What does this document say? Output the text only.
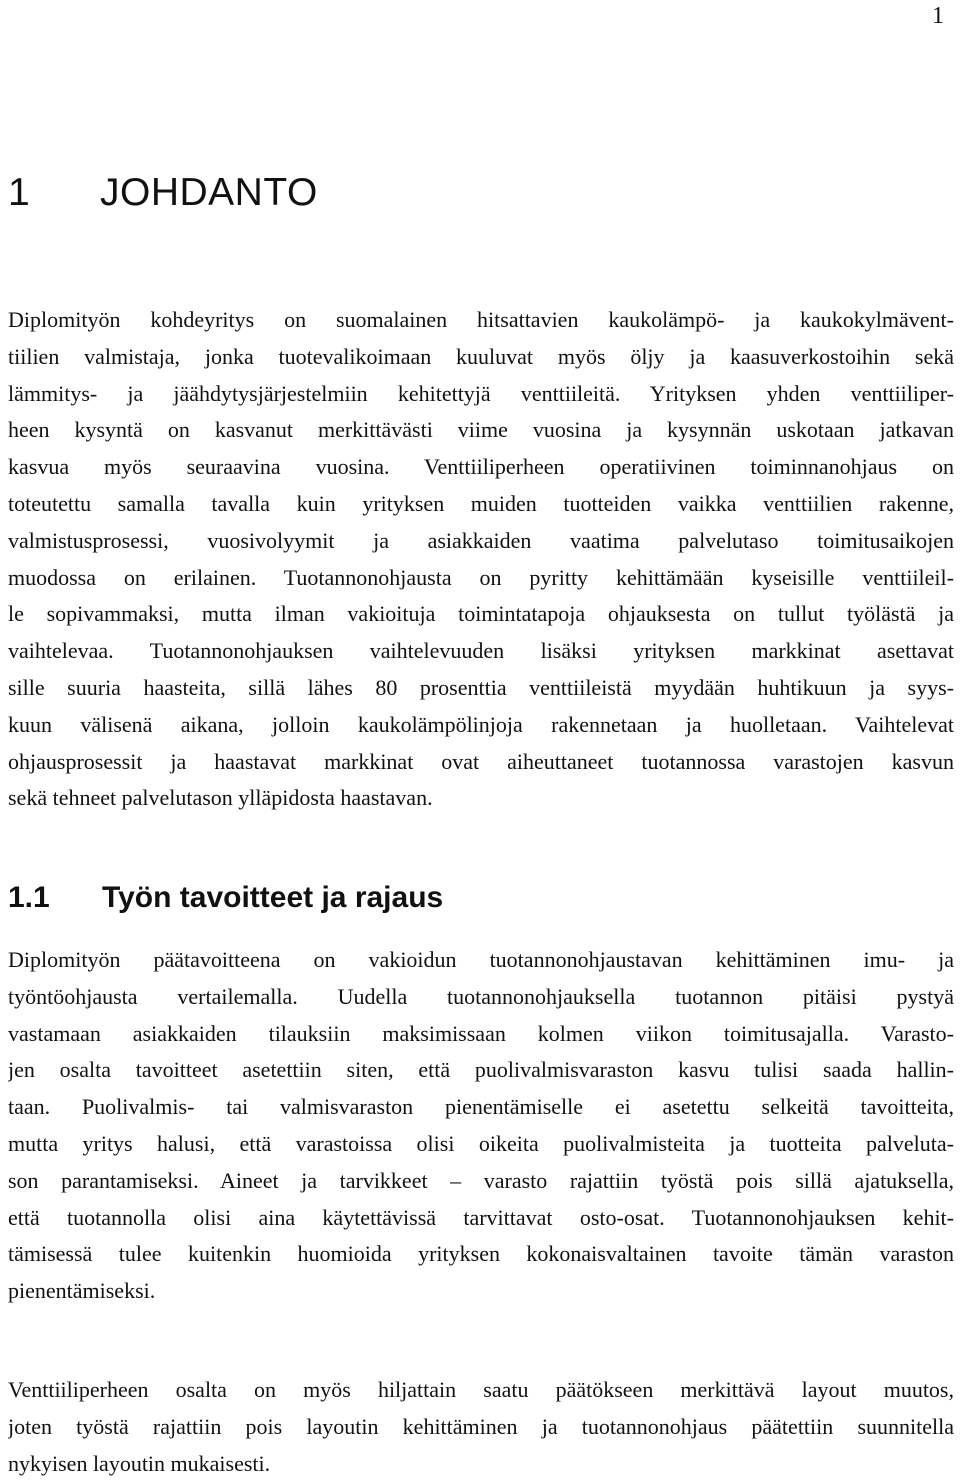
1
1 JOHDANTO

Diplomityön kohdeyritys on suomalainen hitsattavien kaukolämpö- ja kaukokylmävent-
tiilien valmistaja, jonka tuotevalikoimaan kuuluvat myös öljy ja kaasuverkostoihin sekä
lämmitys- ja jäähdytysjärjestelmiin kehitettyjä venttiileitä. Yrityksen yhden venttiiliper-
heen kysyntä on kasvanut merkittävästi viime vuosina ja kysynnän uskotaan jatkavan
kasvua myös seuraavina vuosina. Venttiiliperheen operatiivinen toiminnanohjaus on
toteutettu samalla tavalla kuin yrityksen muiden tuotteiden vaikka venttiilien rakenne,
valmistusprosessi, vuosivolyymit ja asiakkaiden vaatima palvelutaso toimitusaikojen
muodossa on erilainen. Tuotannonohjausta on pyritty kehittämään kyseisille venttiileil-
le sopivammaksi, mutta ilman vakioituja toimintatapoja ohjauksesta on tullut työlästä ja
vaihtelevaa. Tuotannonohjauksen vaihtelevuuden lisäksi yrityksen markkinat asettavat
sille suuria haasteita, sillä lähes 80 prosenttia venttiileistä myydään huhtikuun ja syys-
kuun välisenä aikana, jolloin kaukolämpölinjoja rakennetaan ja huolletaan. Vaihtelevat
ohjausprosessit ja haastavat markkinat ovat aiheuttaneet tuotannossa varastojen kasvun
sekä tehneet palvelutason ylläpidosta haastavan.

1.1 Työn tavoitteet ja rajaus

Diplomityön päätavoitteena on vakioidun tuotannonohjaustavan kehittäminen imu- ja
työntöohjausta vertailemalla. Uudella tuotannonohjauksella tuotannon pitäisi pystyä
vastamaan asiakkaiden tilauksiin maksimissaan kolmen viikon toimitusajalla. Varasto-
jen osalta tavoitteet asetettiin siten, että puolivalmisvaraston kasvu tulisi saada hallin-
taan. Puolivalmis- tai valmisvaraston pienentämiselle ei asetettu selkeitä tavoitteita,
mutta yritys halusi, että varastoissa olisi oikeita puolivalmisteita ja tuotteita palveluta-
son parantamiseksi. Aineet ja tarvikkeet – varasto rajattiin työstä pois sillä ajatuksella,
että tuotannolla olisi aina käytettävissä tarvittavat osto-osat. Tuotannonohjauksen kehit-
tämisessä tulee kuitenkin huomioida yrityksen kokonaisvaltainen tavoite tämän varaston
pienentämiseksi.

Venttiiliperheen osalta on myös hiljattain saatu päätökseen merkittävä layout muutos,
joten työstä rajattiin pois layoutin kehittäminen ja tuotannonohjaus päätettiin suunnitella
nykyisen layoutin mukaisesti.
